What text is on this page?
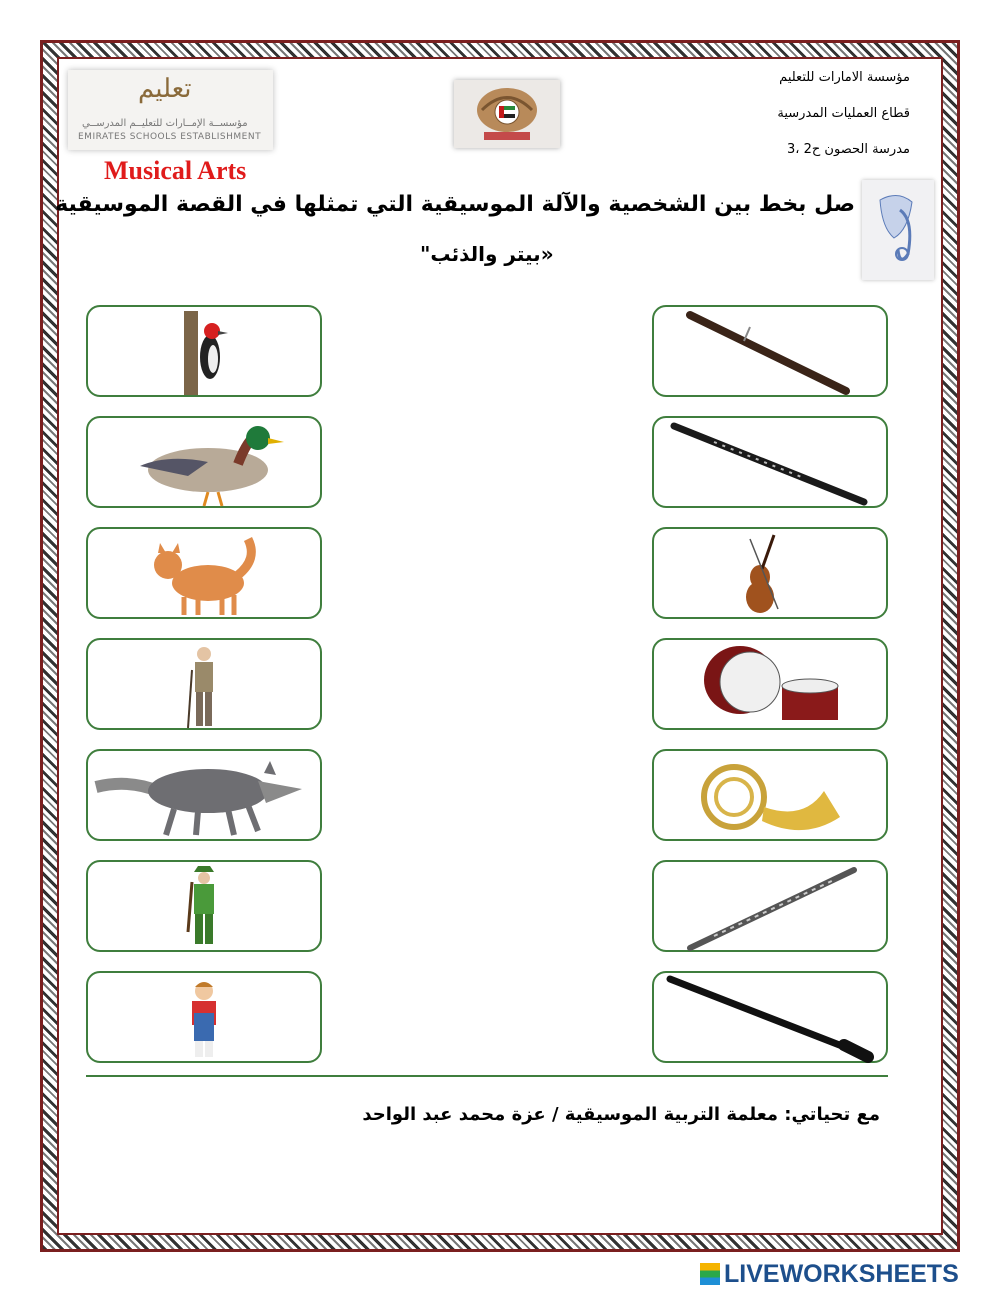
تعليم
مؤسســة الإمــارات للتعليــم المدرســي
EMIRATES SCHOOLS ESTABLISHMENT
مؤسسة الامارات للتعليم
قطاع العمليات المدرسية
مدرسة الحصون ح2 ،3
Musical Arts
صل بخط بين الشخصية والآلة الموسيقية التي تمثلها في القصة الموسيقية
«بيتر والذئب"
مع تحياتي: معلمة التربية الموسيقية / عزة محمد عبد الواحد
LIVEWORKSHEETS
